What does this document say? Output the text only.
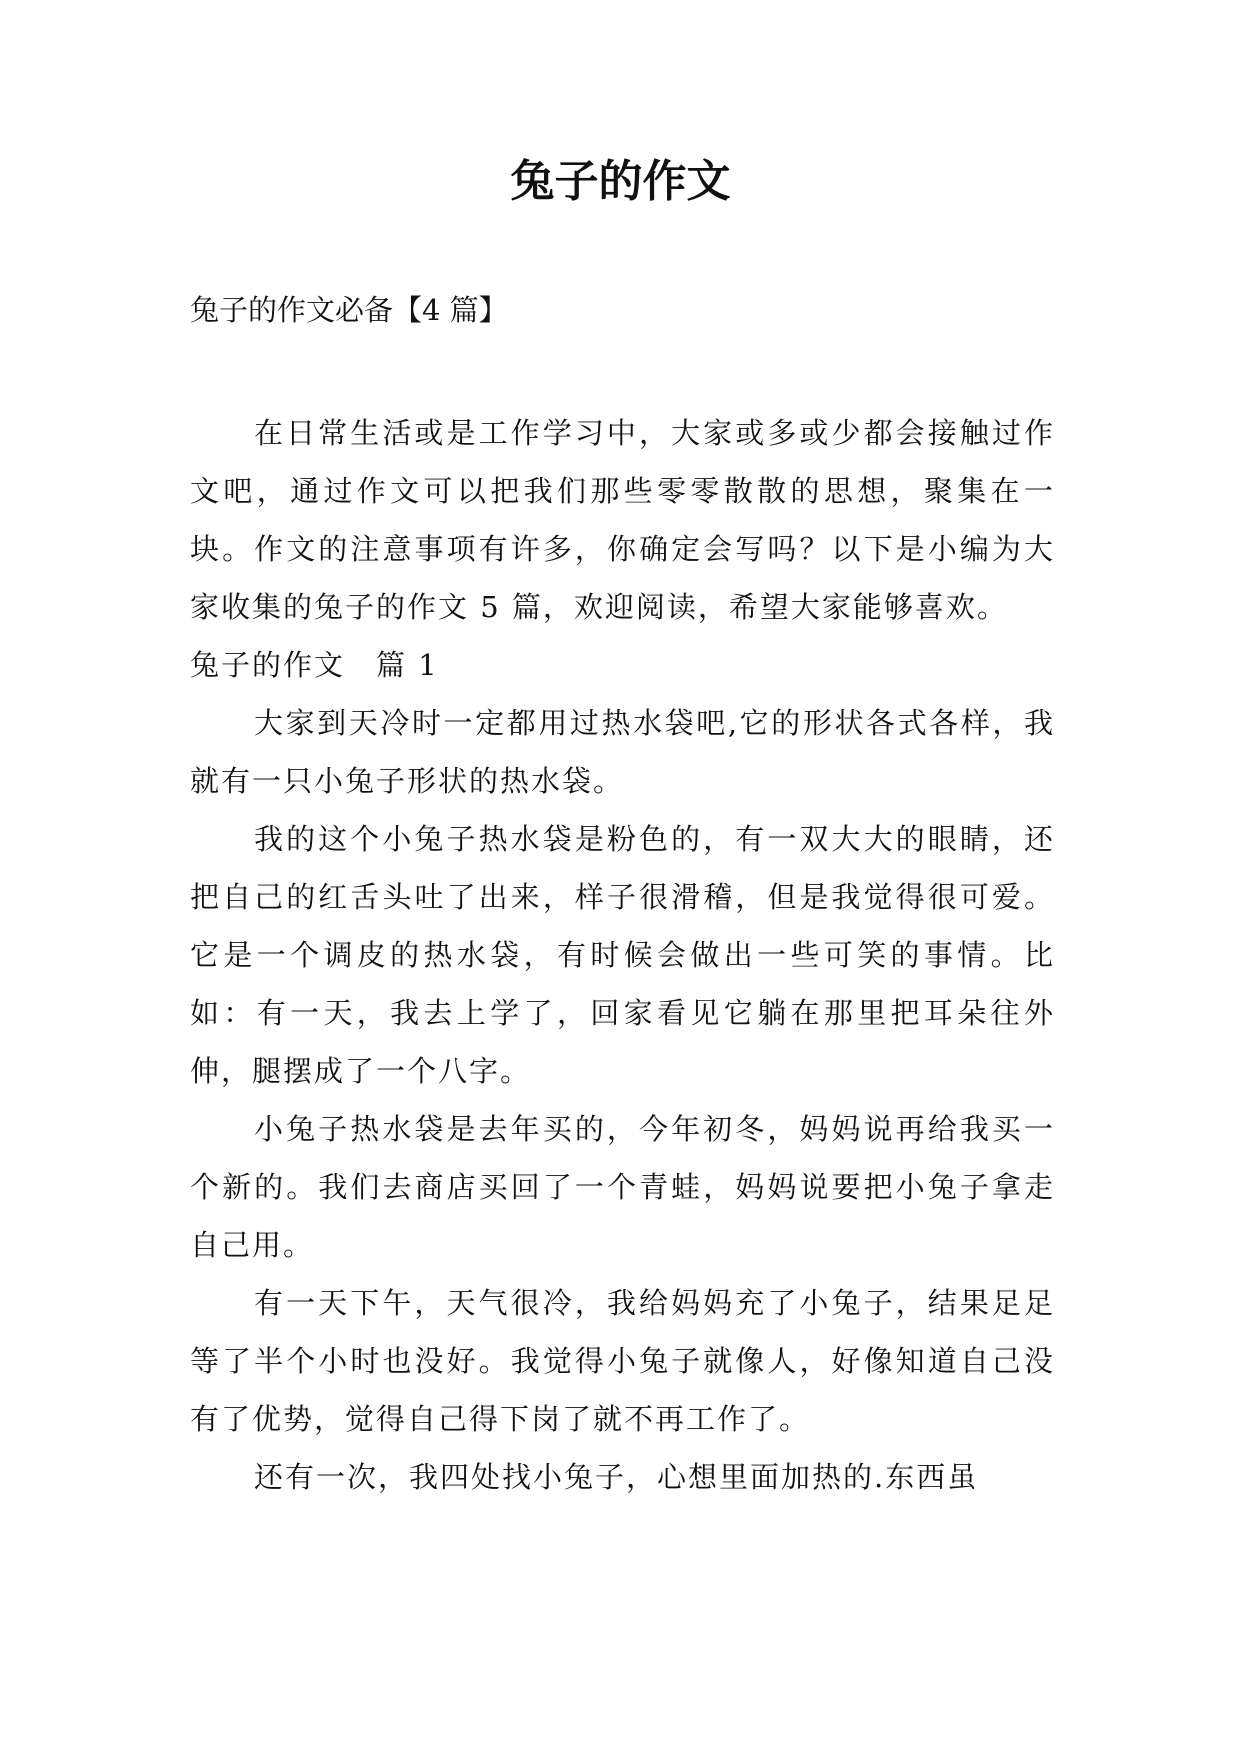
兔子的作文

兔子的作文必备【4 篇】

在日常生活或是工作学习中，大家或多或少都会接触过作文吧，通过作文可以把我们那些零零散散的思想，聚集在一块。作文的注意事项有许多，你确定会写吗？以下是小编为大家收集的兔子的作文 5 篇，欢迎阅读，希望大家能够喜欢。

兔子的作文　篇 1

大家到天冷时一定都用过热水袋吧,它的形状各式各样，我就有一只小兔子形状的热水袋。

我的这个小兔子热水袋是粉色的，有一双大大的眼睛，还把自己的红舌头吐了出来，样子很滑稽，但是我觉得很可爱。它是一个调皮的热水袋，有时候会做出一些可笑的事情。比如：有一天，我去上学了，回家看见它躺在那里把耳朵往外伸，腿摆成了一个八字。

小兔子热水袋是去年买的，今年初冬，妈妈说再给我买一个新的。我们去商店买回了一个青蛙，妈妈说要把小兔子拿走自己用。

有一天下午，天气很冷，我给妈妈充了小兔子，结果足足等了半个小时也没好。我觉得小兔子就像人，好像知道自己没有了优势，觉得自己得下岗了就不再工作了。

还有一次，我四处找小兔子，心想里面加热的.东西虽
